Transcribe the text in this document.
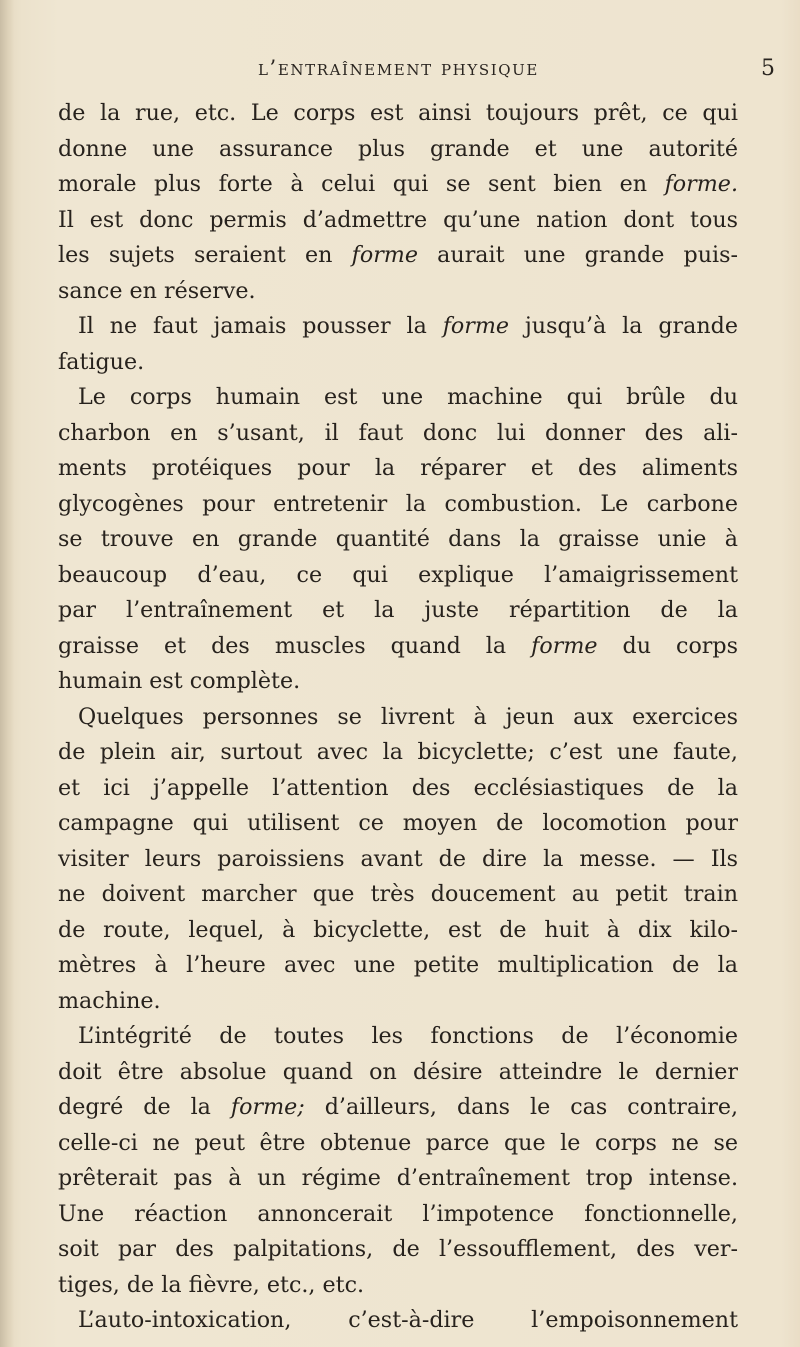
l’entraînement physique	5
de la rue, etc. Le corps est ainsi toujours prêt, ce qui
donne une assurance plus grande et une autorité
morale plus forte à celui qui se sent bien en forme.
Il est donc permis d’admettre qu’une nation dont tous
les sujets seraient en forme aurait une grande puis-
sance en réserve.
Il ne faut jamais pousser la forme jusqu’à la grande
fatigue.
Le corps humain est une machine qui brûle du
charbon en s’usant, il faut donc lui donner des ali-
ments protéiques pour la réparer et des aliments
glycogènes pour entretenir la combustion. Le carbone
se trouve en grande quantité dans la graisse unie à
beaucoup d’eau, ce qui explique l’amaigrissement
par l’entraînement et la juste répartition de la
graisse et des muscles quand la forme du corps
humain est complète.
Quelques personnes se livrent à jeun aux exercices
de plein air, surtout avec la bicyclette; c’est une faute,
et ici j’appelle l’attention des ecclésiastiques de la
campagne qui utilisent ce moyen de locomotion pour
visiter leurs paroissiens avant de dire la messe. — Ils
ne doivent marcher que très doucement au petit train
de route, lequel, à bicyclette, est de huit à dix kilo-
mètres à l’heure avec une petite multiplication de la
machine.
L’intégrité de toutes les fonctions de l’économie
doit être absolue quand on désire atteindre le dernier
degré de la forme; d’ailleurs, dans le cas contraire,
celle-ci ne peut être obtenue parce que le corps ne se
prêterait pas à un régime d’entraînement trop intense.
Une réaction annoncerait l’impotence fonctionnelle,
soit par des palpitations, de l’essoufflement, des ver-
tiges, de la fièvre, etc., etc.
L’auto-intoxication, c’est-à-dire l’empoisonnement
